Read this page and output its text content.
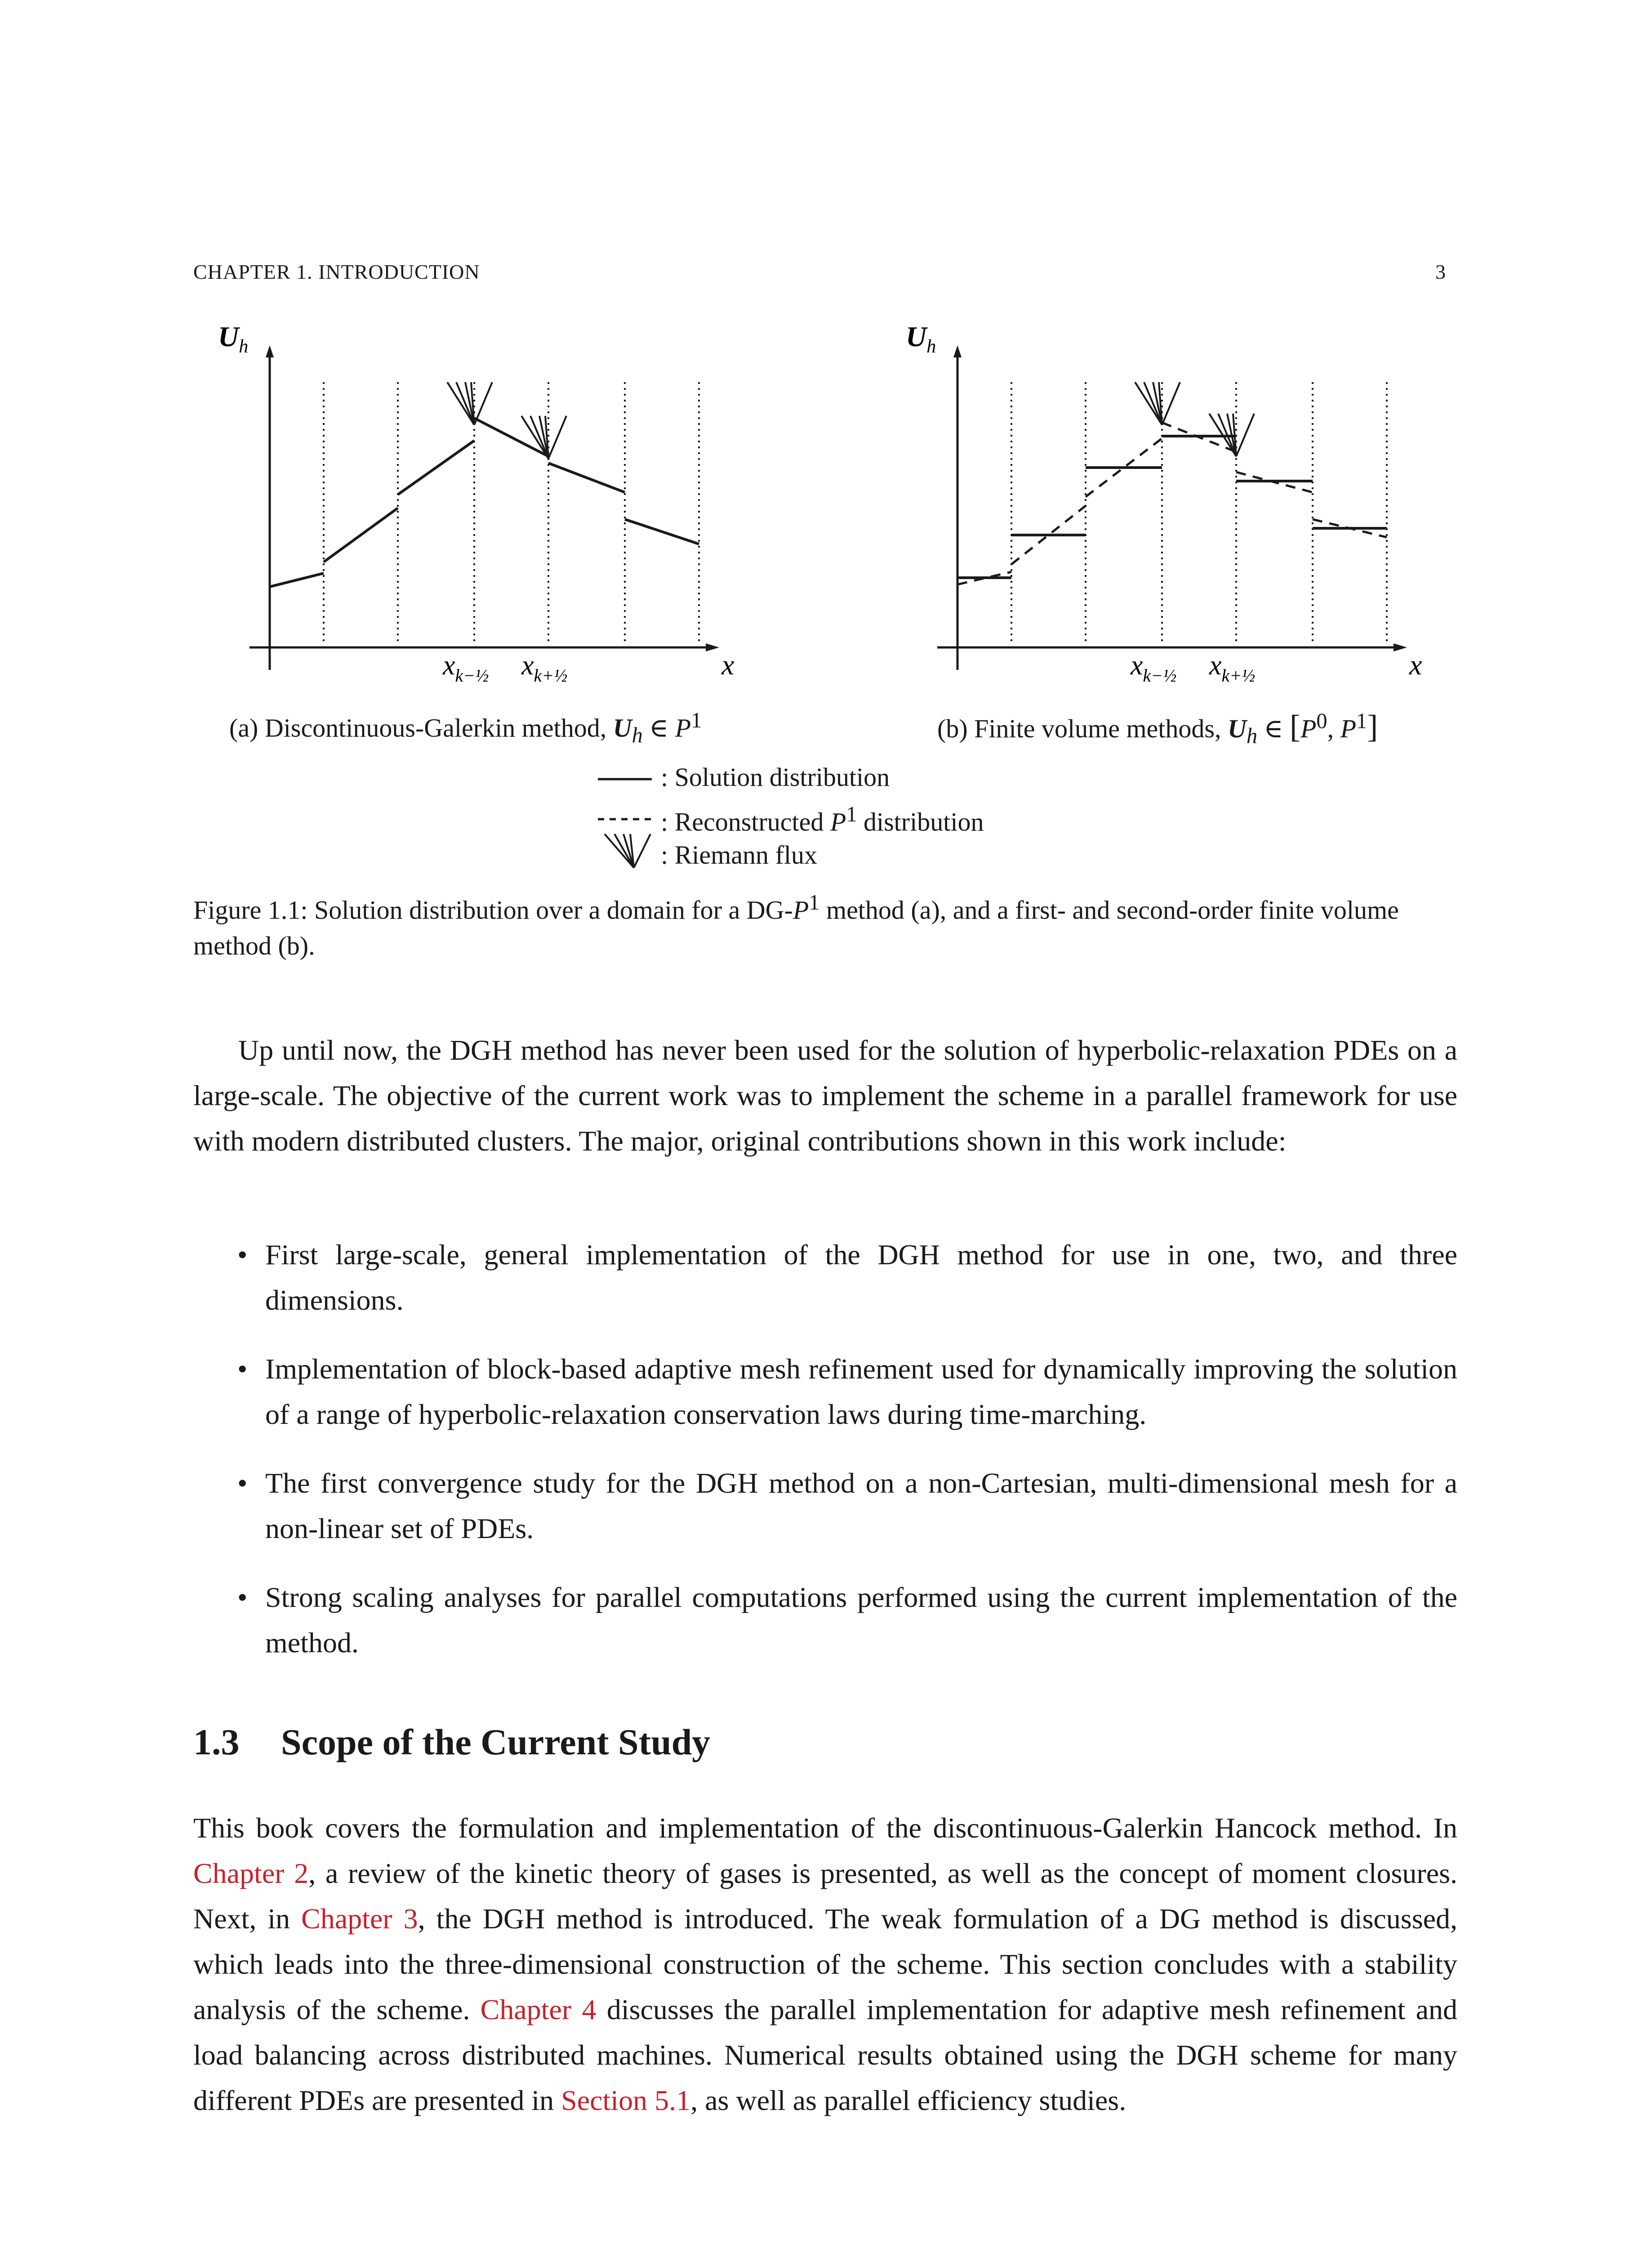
CHAPTER 1. INTRODUCTION	3
$U_h$
x
$x_{k-\frac{1}{2}}$ $x_{k+\frac{1}{2}}$
$U_h$
x
$x_{k-\frac{1}{2}}$ $x_{k+\frac{1}{2}}$
(a) Discontinuous-Galerkin method, $U_h$ ∈ $P^1$	(b) Finite volume methods, $U_h$ ∈ [$P^0$, $P^1$]
: Solution distribution
: Reconstructed $P^1$ distribution
: Riemann flux
Figure 1.1: Solution distribution over a domain for a $DG-P^1$ method (a), and a first- and second-order finite volume method (b).
Up until now, the DGH method has never been used for the solution of hyperbolic-relaxation PDEs on a large-scale. The objective of the current work was to implement the scheme in a parallel framework for use with modern distributed clusters. The major, original contributions shown in this work include:
• First large-scale, general implementation of the DGH method for use in one, two, and three dimensions.
• Implementation of block-based adaptive mesh refinement used for dynamically improving the solution of a range of hyperbolic-relaxation conservation laws during time-marching.
• The first convergence study for the DGH method on a non-Cartesian, multi-dimensional mesh for a non-linear set of PDEs.
• Strong scaling analyses for parallel computations performed using the current implementation of the method.
1.3 Scope of the Current Study
This book covers the formulation and implementation of the discontinuous-Galerkin Hancock method. In Chapter 2, a review of the kinetic theory of gases is presented, as well as the concept of moment closures. Next, in Chapter 3, the DGH method is introduced. The weak formulation of a DG method is discussed, which leads into the three-dimensional construction of the scheme. This section concludes with a stability analysis of the scheme. Chapter 4 discusses the parallel implementation for adaptive mesh refinement and load balancing across distributed machines. Numerical results obtained using the DGH scheme for many different PDEs are presented in Section 5.1, as well as parallel efficiency studies.
